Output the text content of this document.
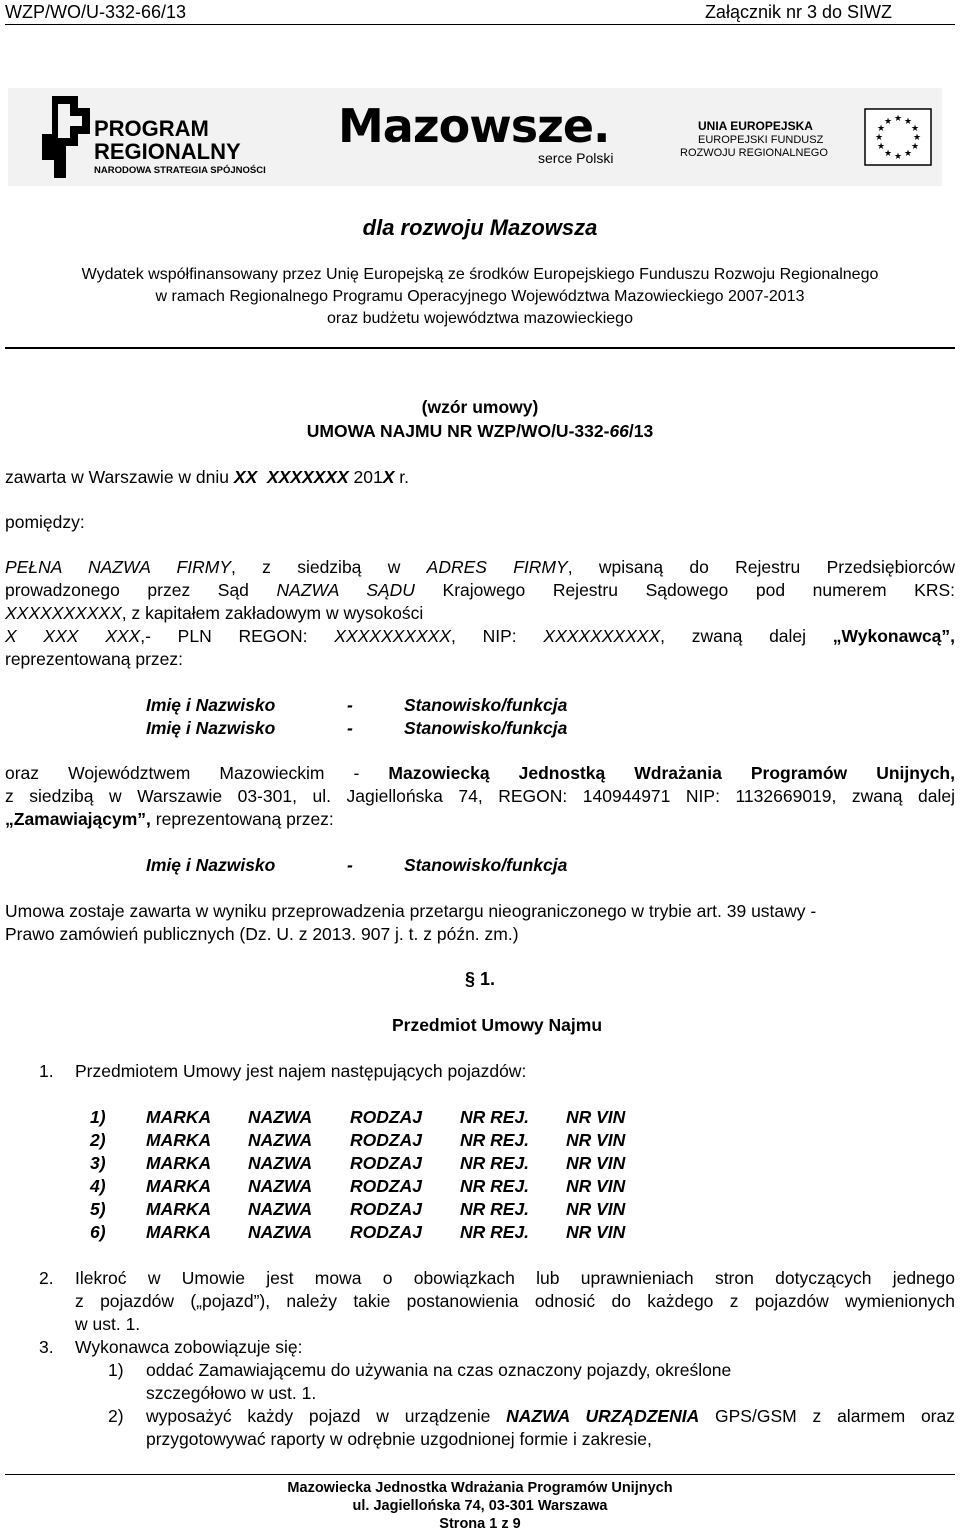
WZP/WO/U-332-66/13	Załącznik nr 3 do SIWZ
PROGRAM
REGIONALNY
NARODOWA STRATEGIA SPÓJNOŚCI
Mazowsze.
serce Polski
UNIA EUROPEJSKA
EUROPEJSKI FUNDUSZ
ROZWOJU REGIONALNEGO
★ ★
★
★
★
★
★
★
★
★
★
★
dla rozwoju Mazowsza
Wydatek współfinansowany przez Unię Europejską ze środków Europejskiego Funduszu Rozwoju Regionalnego
w ramach Regionalnego Programu Operacyjnego Województwa Mazowieckiego 2007-2013
oraz budżetu województwa mazowieckiego
(wzór umowy)
UMOWA NAJMU NR WZP/WO/U-332-66/13
zawarta w Warszawie w dniu XX  XXXXXXX 201X r.
pomiędzy:
PEŁNA NAZWA FIRMY, z siedzibą w ADRES FIRMY, wpisaną do Rejestru Przedsiębiorców
prowadzonego przez Sąd NAZWA SĄDU Krajowego Rejestru Sądowego pod numerem KRS:
XXXXXXXXXX, z kapitałem zakładowym w wysokości
X XXX XXX,- PLN REGON: XXXXXXXXXX, NIP: XXXXXXXXXX, zwaną dalej „Wykonawcą”,
reprezentowaną przez:
Imię i Nazwisko	-	Stanowisko/funkcja
Imię i Nazwisko	-	Stanowisko/funkcja
oraz Województwem Mazowieckim - Mazowiecką Jednostką Wdrażania Programów Unijnych,
z siedzibą w Warszawie 03-301, ul. Jagiellońska 74, REGON: 140944971 NIP: 1132669019, zwaną dalej
„Zamawiającym”, reprezentowaną przez:
Imię i Nazwisko	-	Stanowisko/funkcja
Umowa zostaje zawarta w wyniku przeprowadzenia przetargu nieograniczonego w trybie art. 39 ustawy -
Prawo zamówień publicznych (Dz. U. z 2013. 907 j. t. z późn. zm.)
§ 1.
Przedmiot Umowy Najmu
1. Przedmiotem Umowy jest najem następujących pojazdów:
1)	MARKA	NAZWA	RODZAJ	NR REJ.	NR VIN
2)	MARKA	NAZWA	RODZAJ	NR REJ.	NR VIN
3)	MARKA	NAZWA	RODZAJ	NR REJ.	NR VIN
4)	MARKA	NAZWA	RODZAJ	NR REJ.	NR VIN
5)	MARKA	NAZWA	RODZAJ	NR REJ.	NR VIN
6)	MARKA	NAZWA	RODZAJ	NR REJ.	NR VIN
2. Ilekroć w Umowie jest mowa o obowiązkach lub uprawnieniach stron dotyczących jednego
z pojazdów („pojazd”), należy takie postanowienia odnosić do każdego z pojazdów wymienionych
w ust. 1.
3. Wykonawca zobowiązuje się:
1) oddać Zamawiającemu do używania na czas oznaczony pojazdy, określone
szczegółowo w ust. 1.
2) wyposażyć każdy pojazd w urządzenie NAZWA URZĄDZENIA GPS/GSM z alarmem oraz
przygotowywać raporty w odrębnie uzgodnionej formie i zakresie,
Mazowiecka Jednostka Wdrażania Programów Unijnych
ul. Jagiellońska 74, 03-301 Warszawa
Strona 1 z 9
